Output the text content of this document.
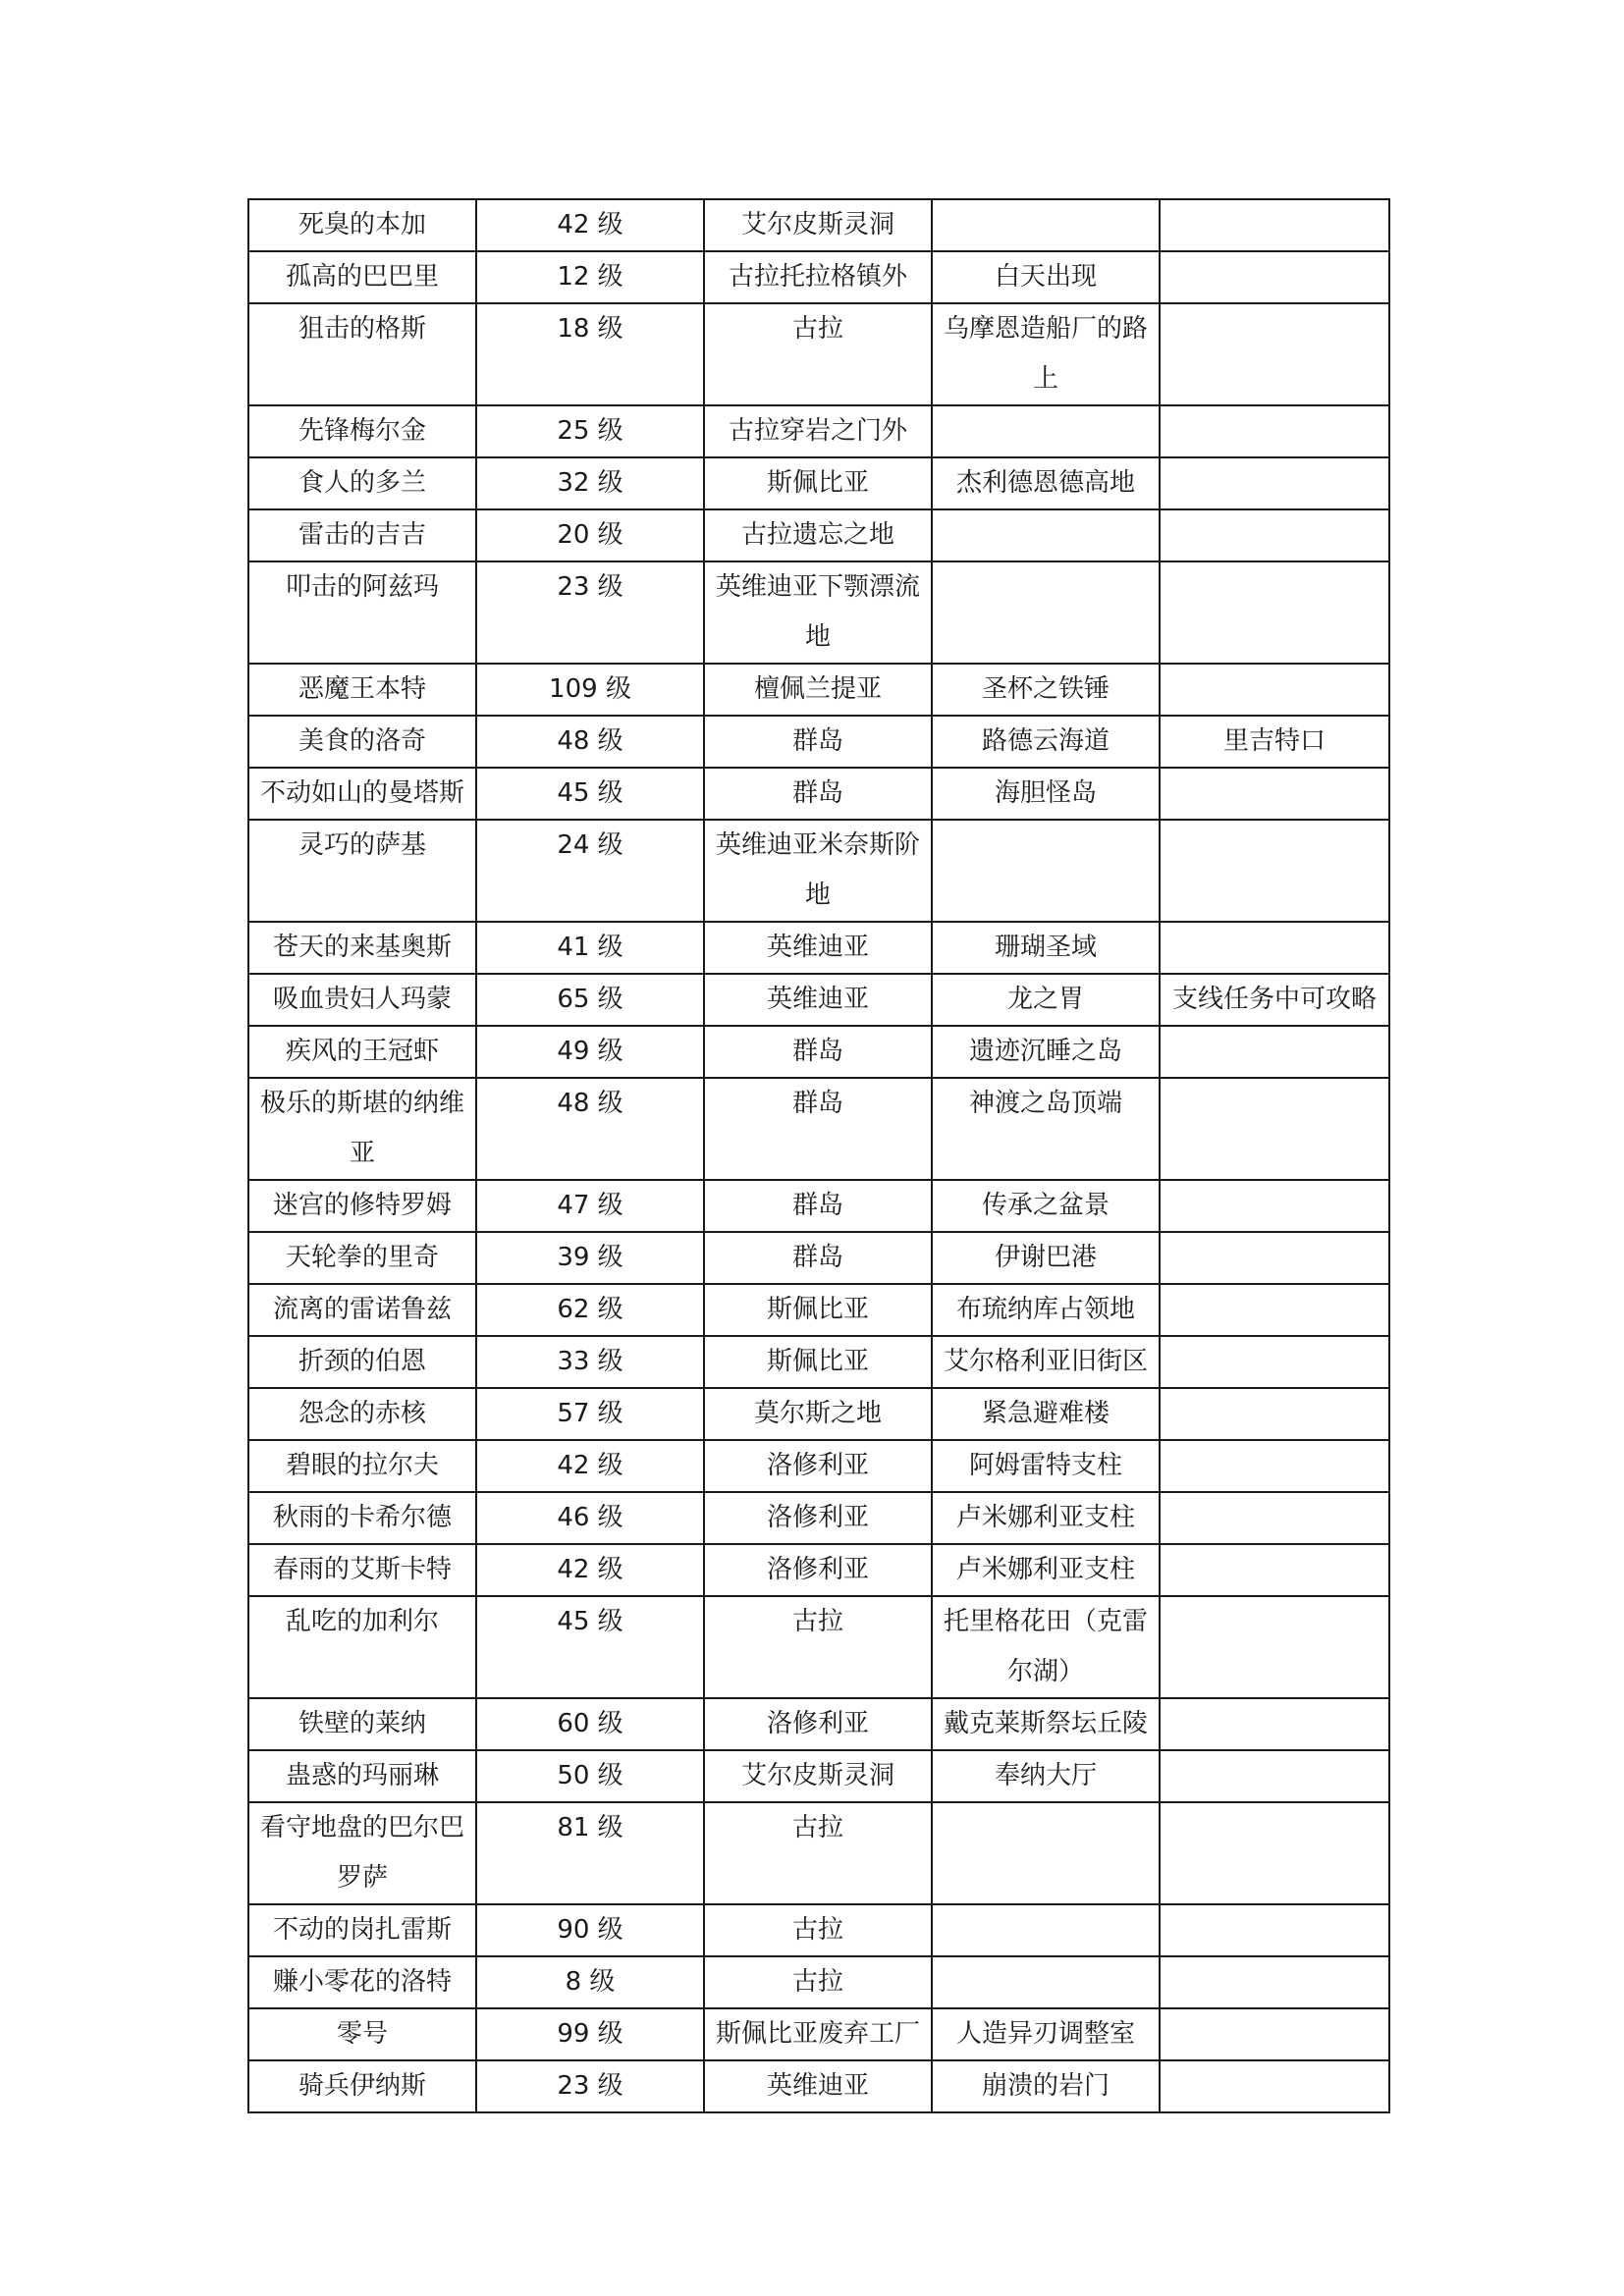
死臭的本加	42 级	艾尔皮斯灵洞		
孤高的巴巴里	12 级	古拉托拉格镇外	白天出现	
狙击的格斯	18 级	古拉	乌摩恩造船厂的路上	
先锋梅尔金	25 级	古拉穿岩之门外		
食人的多兰	32 级	斯佩比亚	杰利德恩德高地	
雷击的吉吉	20 级	古拉遗忘之地		
叩击的阿兹玛	23 级	英维迪亚下颚漂流地		
恶魔王本特	109 级	檀佩兰提亚	圣杯之铁锤	
美食的洛奇	48 级	群岛	路德云海道	里吉特口
不动如山的曼塔斯	45 级	群岛	海胆怪岛	
灵巧的萨基	24 级	英维迪亚米奈斯阶地		
苍天的来基奥斯	41 级	英维迪亚	珊瑚圣域	
吸血贵妇人玛蒙	65 级	英维迪亚	龙之胃	支线任务中可攻略
疾风的王冠虾	49 级	群岛	遗迹沉睡之岛	
极乐的斯堪的纳维亚	48 级	群岛	神渡之岛顶端	
迷宫的修特罗姆	47 级	群岛	传承之盆景	
天轮拳的里奇	39 级	群岛	伊谢巴港	
流离的雷诺鲁兹	62 级	斯佩比亚	布琉纳库占领地	
折颈的伯恩	33 级	斯佩比亚	艾尔格利亚旧街区	
怨念的赤核	57 级	莫尔斯之地	紧急避难楼	
碧眼的拉尔夫	42 级	洛修利亚	阿姆雷特支柱	
秋雨的卡希尔德	46 级	洛修利亚	卢米娜利亚支柱	
春雨的艾斯卡特	42 级	洛修利亚	卢米娜利亚支柱	
乱吃的加利尔	45 级	古拉	托里格花田（克雷尔湖）	
铁壁的莱纳	60 级	洛修利亚	戴克莱斯祭坛丘陵	
蛊惑的玛丽琳	50 级	艾尔皮斯灵洞	奉纳大厅	
看守地盘的巴尔巴罗萨	81 级	古拉		
不动的岗扎雷斯	90 级	古拉		
赚小零花的洛特	8 级	古拉		
零号	99 级	斯佩比亚废弃工厂	人造异刃调整室	
骑兵伊纳斯	23 级	英维迪亚	崩溃的岩门	
